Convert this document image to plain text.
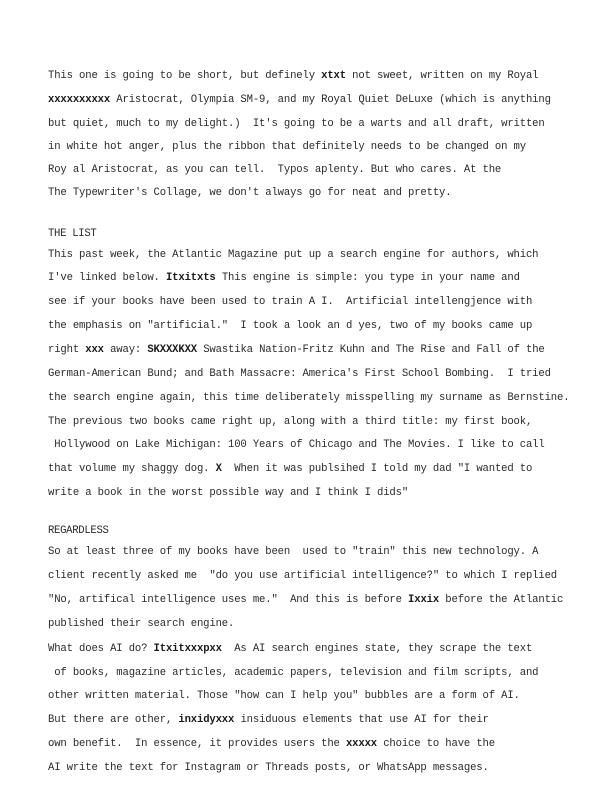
This one is going to be short, but definely xtxt not sweet, written on my Royal
xxxxxxxxxx Aristocrat, Olympia SM-9, and my Royal Quiet DeLuxe (which is anything
but quiet, much to my delight.)  It's going to be a warts and all draft, written
in white hot anger, plus the ribbon that definitely needs to be changed on my
Roy al Aristocrat, as you can tell.  Typos aplenty. But who cares. At the
The Typewriter's Collage, we don't always go for neat and pretty.
THE LIST
This past week, the Atlantic Magazine put up a search engine for authors, which
I've linked below. Itxitxts This engine is simple: you type in your name and
see if your books have been used to train A I.  Artificial intellengjence with
the emphasis on "artificial."  I took a look an d yes, two of my books came up
right xxx away: SKXXXKXX Swastika Nation-Fritz Kuhn and The Rise and Fall of the
German-American Bund; and Bath Massacre: America's First School Bombing.  I tried
the search engine again, this time deliberately misspelling my surname as Bernstine.
The previous two books came right up, along with a third title: my first book,
Hollywood on Lake Michigan: 100 Years of Chicago and The Movies. I like to call
that volume my shaggy dog. X  When it was publsihed I told my dad "I wanted to
write a book in the worst possible way and I think I dids"
REGARDLESS
So at least three of my books have been  used to "train" this new technology. A
client recently asked me  "do you use artificial intelligence?" to which I replied
"No, artifical intelligence uses me."  And this is before Ixxix before the Atlantic
published their search engine.
What does AI do? Itxitxxxpxx  As AI search engines state, they scrape the text
of books, magazine articles, academic papers, television and film scripts, and
other written material. Those "how can I help you" bubbles are a form of AI.
But there are other, inxidyxxx insiduous elements that use AI for their
own benefit.  In essence, it provides users the xxxxx choice to have the
AI write the text for Instagram or Threads posts, or WhatsApp messages.
